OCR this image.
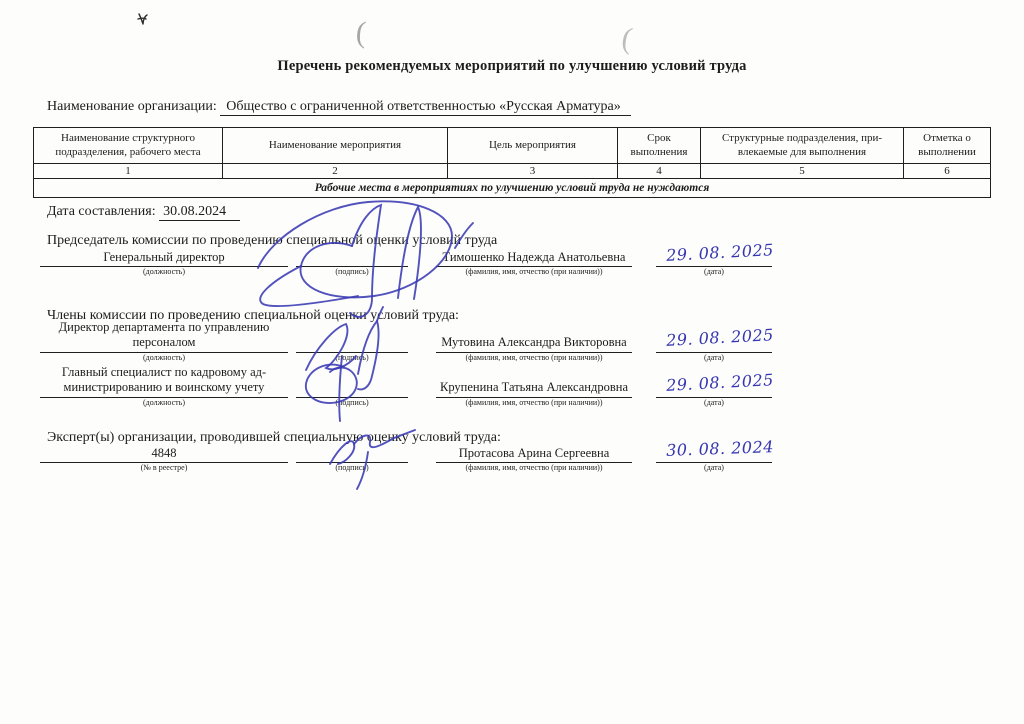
(	(
Перечень рекомендуемых мероприятий по улучшению условий труда
Наименование организации: Общество с ограниченной ответственностью «Русская Арматура»
Наименование структурного подразделения, рабочего места	Наименование мероприятия	Цель мероприятия	Срок выполнения	Структурные подразделения, при-влекаемые для выполнения	Отметка о выполнении
1	2	3	4	5	6
Рабочие места в мероприятиях по улучшению условий труда не нуждаются					
Дата составления: 30.08.2024
Председатель комиссии по проведению специальной оценки условий труда
Генеральный директор
(должность)
	(подпись)
Тимошенко Надежда Анатольевна
(фамилия, имя, отчество (при наличии))
29. 08. 2025

(дата)
Члены комиссии по проведению специальной оценки условий труда:
Директор департамента по управлению
персоналом
(должность)
	(подпись)
Мутовина Александра Викторовна
(фамилия, имя, отчество (при наличии))
29. 08. 2025

(дата)
Главный специалист по кадровому ад-
министрированию и воинскому учету
(должность)
	(подпись)
Крупенина Татьяна Александровна
(фамилия, имя, отчество (при наличии))
29. 08. 2025

(дата)
Эксперт(ы) организации, проводившей специальную оценку условий труда:
4848
(№ в реестре)
	(подпись)
Протасова Арина Сергеевна
(фамилия, имя, отчество (при наличии))
30. 08. 2024

(дата)
